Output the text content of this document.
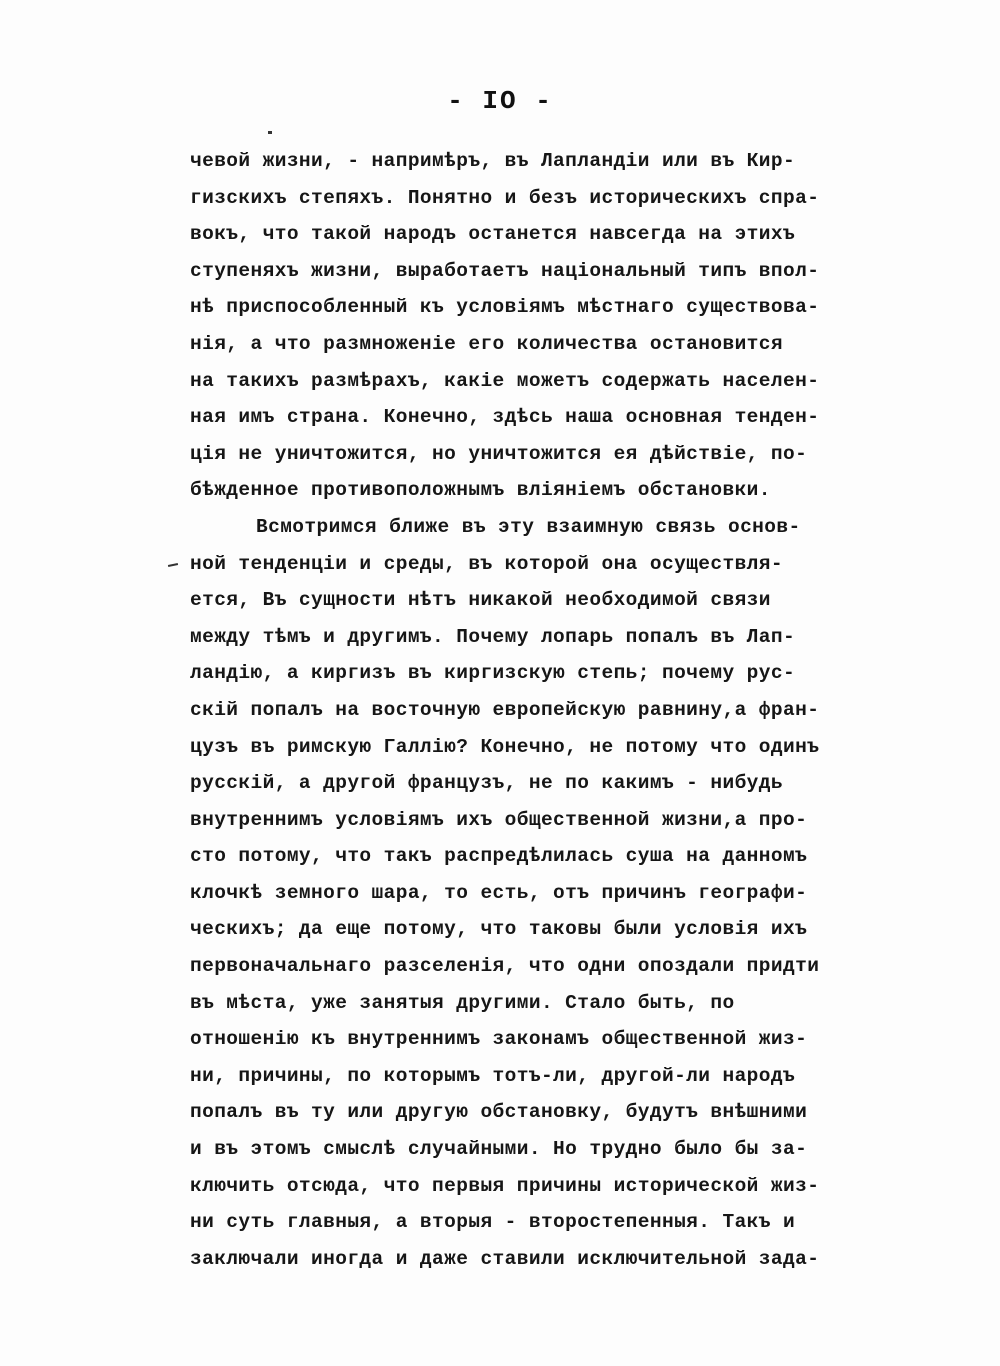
- IO -
чевой жизни, - напримѣръ, въ Лапландіи или въ Кир-
гизскихъ степяхъ. Понятно и безъ историческихъ спра-
вокъ, что такой народъ останется навсегда на этихъ
ступеняхъ жизни, выработаетъ національный типъ впол-
нѣ приспособленный къ условіямъ мѣстнаго существова-
нія, а что размноженіе его количества остановится
на такихъ размѣрахъ, какіе можетъ содержать населен-
ная имъ страна. Конечно, здѣсь наша основная тенден-
ція не уничтожится, но уничтожится ея дѣйствіе, по-
бѣжденное противоположнымъ вліяніемъ обстановки.
Всмотримся ближе въ эту взаимную связь основ-
ной тенденціи и среды, въ которой она осуществля-
ется, Въ сущности нѣтъ никакой необходимой связи
между тѣмъ и другимъ. Почему лопарь попалъ въ Лап-
ландію, а киргизъ въ киргизскую степь; почему рус-
скій попалъ на восточную европейскую равнину,а фран-
цузъ въ римскую Галлію? Конечно, не потому что одинъ
русскій, а другой французъ, не по какимъ - нибудь
внутреннимъ условіямъ ихъ общественной жизни,а про-
сто потому, что такъ распредѣлилась суша на данномъ
клочкѣ земного шара, то есть, отъ причинъ географи-
ческихъ; да еще потому, что таковы были условія ихъ
первоначальнаго разселенія, что одни опоздали придти
въ мѣста, уже занятыя другими. Стало быть, по
отношенію къ внутреннимъ законамъ общественной жиз-
ни, причины, по которымъ тотъ-ли, другой-ли народъ
попалъ въ ту или другую обстановку, будутъ внѣшними
и въ этомъ смыслѣ случайными. Но трудно было бы за-
ключить отсюда, что первыя причины исторической жиз-
ни суть главныя, а вторыя - второстепенныя. Такъ и
заключали иногда и даже ставили исключительной зада-
